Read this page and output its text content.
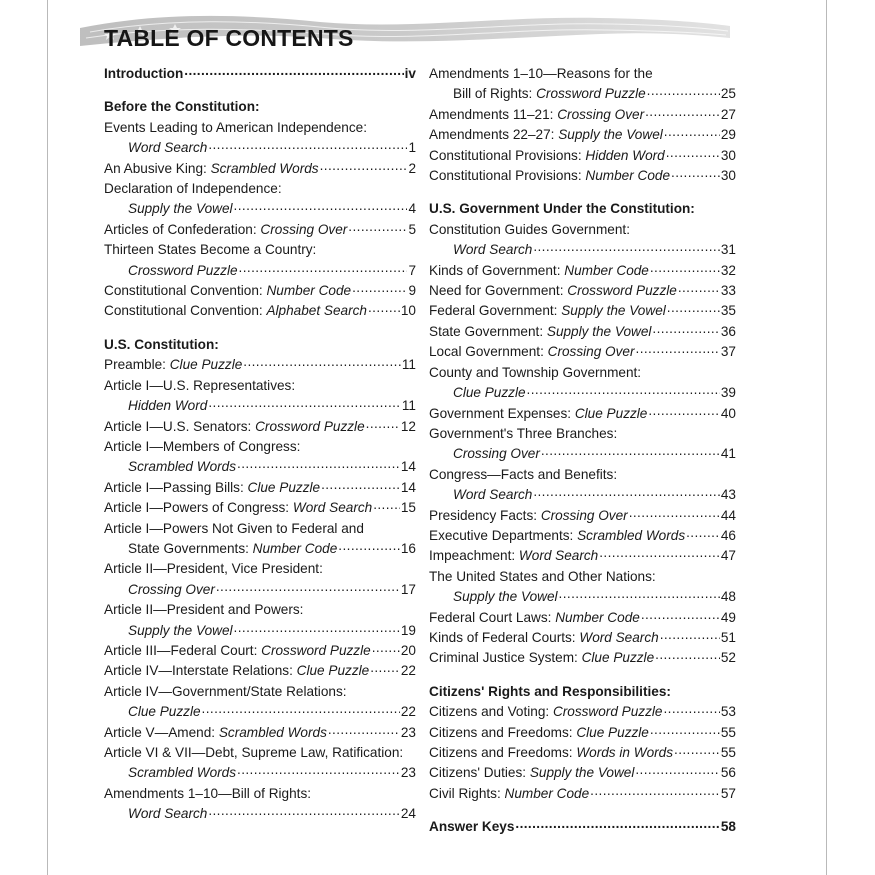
TABLE OF CONTENTS
Introduction .....	iv
Before the Constitution:
Events Leading to American Independence:
Word Search .....	1
An Abusive King: Scrambled Words .....	2
Declaration of Independence:
Supply the Vowel .....	4
Articles of Confederation: Crossing Over .....	5
Thirteen States Become a Country:
Crossword Puzzle .....	7
Constitutional Convention: Number Code .....	9
Constitutional Convention: Alphabet Search ..... 10
U.S. Constitution:
Preamble: Clue Puzzle .....	11
Article I—U.S. Representatives:
Hidden Word .....	11
Article I—U.S. Senators: Crossword Puzzle .....	12
Article I—Members of Congress:
Scrambled Words .....	14
Article I—Passing Bills: Clue Puzzle .....	14
Article I—Powers of Congress: Word Search ..... 15
Article I—Powers Not Given to Federal and
State Governments: Number Code .....	16
Article II—President, Vice President:
Crossing Over .....	17
Article II—President and Powers:
Supply the Vowel .....	19
Article III—Federal Court: Crossword Puzzle ..... 20
Article IV—Interstate Relations: Clue Puzzle ..... 22
Article IV—Government/State Relations:
Clue Puzzle .....	22
Article V—Amend: Scrambled Words .....	23
Article VI & VII—Debt, Supreme Law, Ratification:
Scrambled Words .....	23
Amendments 1–10—Bill of Rights:
Word Search .....	24
Amendments 1–10—Reasons for the
Bill of Rights: Crossword Puzzle .....	25
Amendments 11–21: Crossing Over .....	27
Amendments 22–27: Supply the Vowel .....	29
Constitutional Provisions: Hidden Word .....	30
Constitutional Provisions: Number Code .....	30
U.S. Government Under the Constitution:
Constitution Guides Government:
Word Search .....	31
Kinds of Government: Number Code .....	32
Need for Government: Crossword Puzzle .....	33
Federal Government: Supply the Vowel .....	35
State Government: Supply the Vowel .....	36
Local Government: Crossing Over .....	37
County and Township Government:
Clue Puzzle .....	39
Government Expenses: Clue Puzzle .....	40
Government's Three Branches:
Crossing Over .....	41
Congress—Facts and Benefits:
Word Search .....	43
Presidency Facts: Crossing Over .....	44
Executive Departments: Scrambled Words .....	46
Impeachment: Word Search .....	47
The United States and Other Nations:
Supply the Vowel .....	48
Federal Court Laws: Number Code .....	49
Kinds of Federal Courts: Word Search .....	51
Criminal Justice System: Clue Puzzle .....	52
Citizens' Rights and Responsibilities:
Citizens and Voting: Crossword Puzzle .....	53
Citizens and Freedoms: Clue Puzzle .....	55
Citizens and Freedoms: Words in Words .....	55
Citizens' Duties: Supply the Vowel .....	56
Civil Rights: Number Code .....	57
Answer Keys .....	58
